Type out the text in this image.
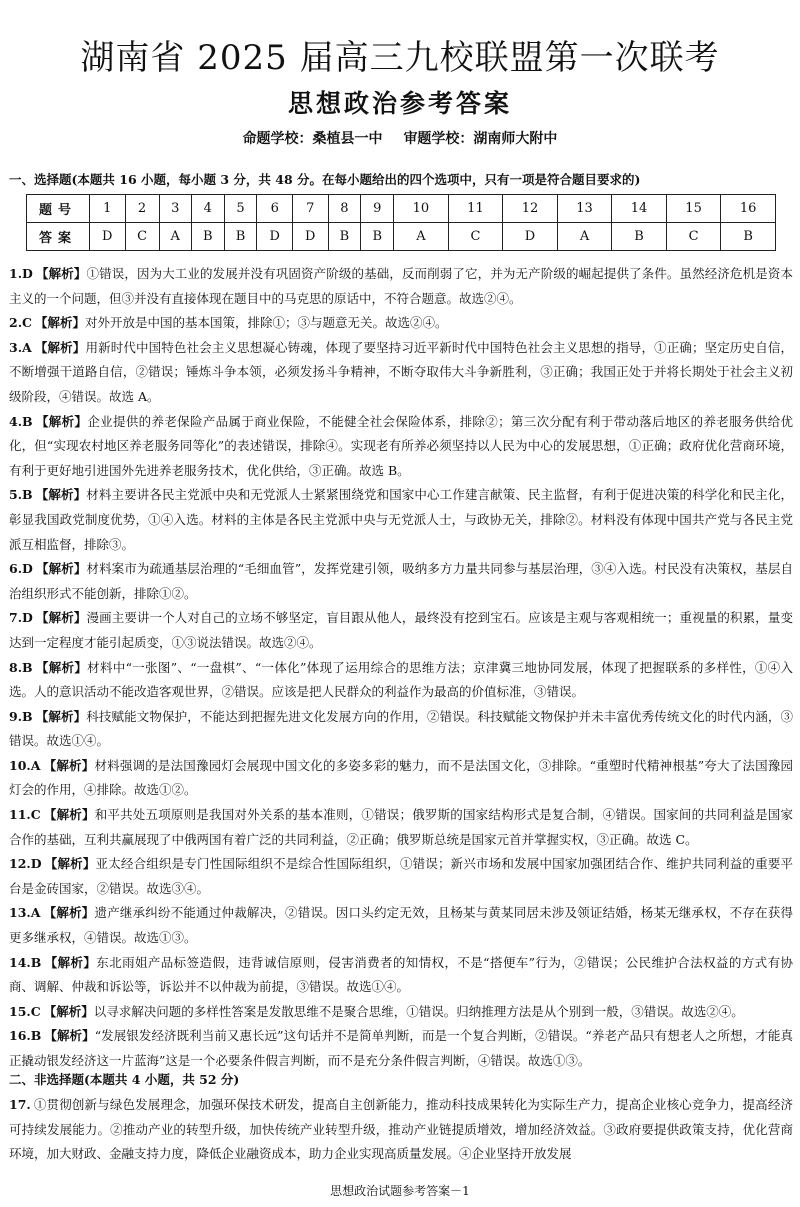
湖南省 2025 届高三九校联盟第一次联考
思想政治参考答案
命题学校：桑植县一中 审题学校：湖南师大附中
一、选择题(本题共 16 小题，每小题 3 分，共 48 分。在每小题给出的四个选项中，只有一项是符合题目要求的)
题号	1	2	3	4	5	6	7	8	9	10	11	12	13	14	15	16
答案	D	C	A	B	B	D	D	B	B	A	C	D	A	B	C	B

1.D 【解析】①错误，因为大工业的发展并没有巩固资产阶级的基础，反而削弱了它，并为无产阶级的崛起提供了条件。虽然经济危机是资本主义的一个问题，但③并没有直接体现在题目中的马克思的原话中，不符合题意。故选②④。

2.C 【解析】对外开放是中国的基本国策，排除①；③与题意无关。故选②④。

3.A 【解析】用新时代中国特色社会主义思想凝心铸魂，体现了要坚持习近平新时代中国特色社会主义思想的指导，①正确；坚定历史自信，不断增强干道路自信，②错误；锤炼斗争本领，必须发扬斗争精神，不断夺取伟大斗争新胜利，③正确；我国正处于并将长期处于社会主义初级阶段，④错误。故选 A。

4.B 【解析】企业提供的养老保险产品属于商业保险，不能健全社会保险体系，排除②；第三次分配有利于带动落后地区的养老服务供给优化，但“实现农村地区养老服务同等化”的表述错误，排除④。实现老有所养必须坚持以人民为中心的发展思想，①正确；政府优化营商环境，有利于更好地引进国外先进养老服务技术，优化供给，③正确。故选 B。

5.B 【解析】材料主要讲各民主党派中央和无党派人士紧紧围绕党和国家中心工作建言献策、民主监督，有利于促进决策的科学化和民主化，彰显我国政党制度优势，①④入选。材料的主体是各民主党派中央与无党派人士，与政协无关，排除②。材料没有体现中国共产党与各民主党派互相监督，排除③。

6.D 【解析】材料案市为疏通基层治理的“毛细血管”，发挥党建引领，吸纳多方力量共同参与基层治理，③④入选。村民没有决策权，基层自治组织形式不能创新，排除①②。

7.D 【解析】漫画主要讲一个人对自己的立场不够坚定，盲目跟从他人，最终没有挖到宝石。应该是主观与客观相统一；重视量的积累，量变达到一定程度才能引起质变，①③说法错误。故选②④。

8.B 【解析】材料中“一张图”、“一盘棋”、“一体化”体现了运用综合的思维方法；京津冀三地协同发展，体现了把握联系的多样性，①④入选。人的意识活动不能改造客观世界，②错误。应该是把人民群众的利益作为最高的价值标准，③错误。

9.B 【解析】科技赋能文物保护，不能达到把握先进文化发展方向的作用，②错误。科技赋能文物保护并未丰富优秀传统文化的时代内涵，③错误。故选①④。

10.A 【解析】材料强调的是法国豫园灯会展现中国文化的多姿多彩的魅力，而不是法国文化，③排除。“重塑时代精神根基”夸大了法国豫园灯会的作用，④排除。故选①②。

11.C 【解析】和平共处五项原则是我国对外关系的基本准则，①错误；俄罗斯的国家结构形式是复合制，④错误。国家间的共同利益是国家合作的基础，互利共赢展现了中俄两国有着广泛的共同利益，②正确；俄罗斯总统是国家元首并掌握实权，③正确。故选 C。

12.D 【解析】亚太经合组织是专门性国际组织不是综合性国际组织，①错误；新兴市场和发展中国家加强团结合作、维护共同利益的重要平台是金砖国家，②错误。故选③④。

13.A 【解析】遗产继承纠纷不能通过仲裁解决，②错误。因口头约定无效，且杨某与黄某同居未涉及领证结婚，杨某无继承权，不存在获得更多继承权，④错误。故选①③。

14.B 【解析】东北雨姐产品标签造假，违背诚信原则，侵害消费者的知情权，不是“搭便车”行为，②错误；公民维护合法权益的方式有协商、调解、仲裁和诉讼等，诉讼并不以仲裁为前提，③错误。故选①④。

15.C 【解析】以寻求解决问题的多样性答案是发散思维不是聚合思维，①错误。归纳推理方法是从个别到一般，③错误。故选②④。

16.B 【解析】“发展银发经济既利当前又惠长远”这句话并不是简单判断，而是一个复合判断，②错误。“养老产品只有想老人之所想，才能真正撬动银发经济这一片蓝海”这是一个必要条件假言判断，而不是充分条件假言判断，④错误。故选①③。

二、非选择题(本题共 4 小题，共 52 分)
17. ①贯彻创新与绿色发展理念，加强环保技术研发，提高自主创新能力，推动科技成果转化为实际生产力，提高企业核心竞争力，提高经济可持续发展能力。②推动产业的转型升级，加快传统产业转型升级，推动产业链提质增效，增加经济效益。③政府要提供政策支持，优化营商环境，加大财政、金融支持力度，降低企业融资成本，助力企业实现高质量发展。④企业坚持开放发展
思想政治试题参考答案－1
